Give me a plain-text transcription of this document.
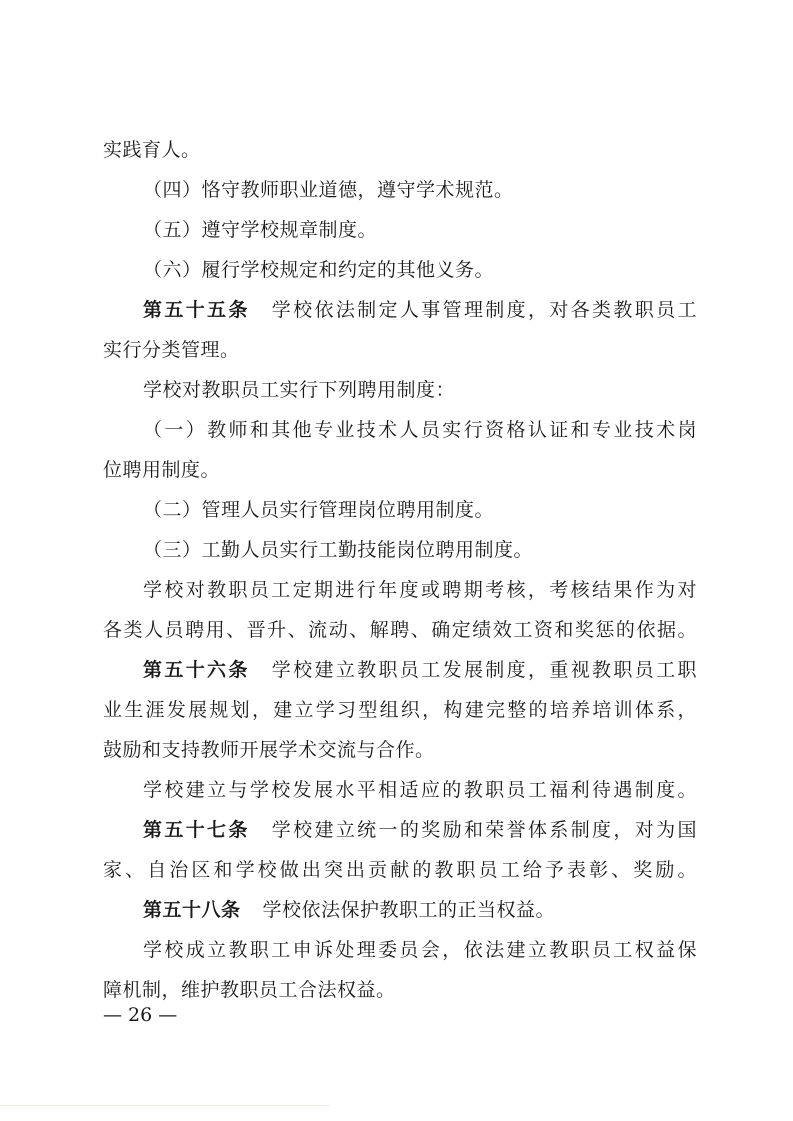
实践育人。
（四）恪守教师职业道德，遵守学术规范。
（五）遵守学校规章制度。
（六）履行学校规定和约定的其他义务。
第五十五条 学校依法制定人事管理制度，对各类教职员工
实行分类管理。
学校对教职员工实行下列聘用制度：
（一）教师和其他专业技术人员实行资格认证和专业技术岗
位聘用制度。
（二）管理人员实行管理岗位聘用制度。
（三）工勤人员实行工勤技能岗位聘用制度。
学校对教职员工定期进行年度或聘期考核，考核结果作为对
各类人员聘用、晋升、流动、解聘、确定绩效工资和奖惩的依据。
第五十六条 学校建立教职员工发展制度，重视教职员工职
业生涯发展规划，建立学习型组织，构建完整的培养培训体系，
鼓励和支持教师开展学术交流与合作。
学校建立与学校发展水平相适应的教职员工福利待遇制度。
第五十七条 学校建立统一的奖励和荣誉体系制度，对为国
家、自治区和学校做出突出贡献的教职员工给予表彰、奖励。
第五十八条 学校依法保护教职工的正当权益。
学校成立教职工申诉处理委员会，依法建立教职员工权益保
障机制，维护教职员工合法权益。
— 26 —
